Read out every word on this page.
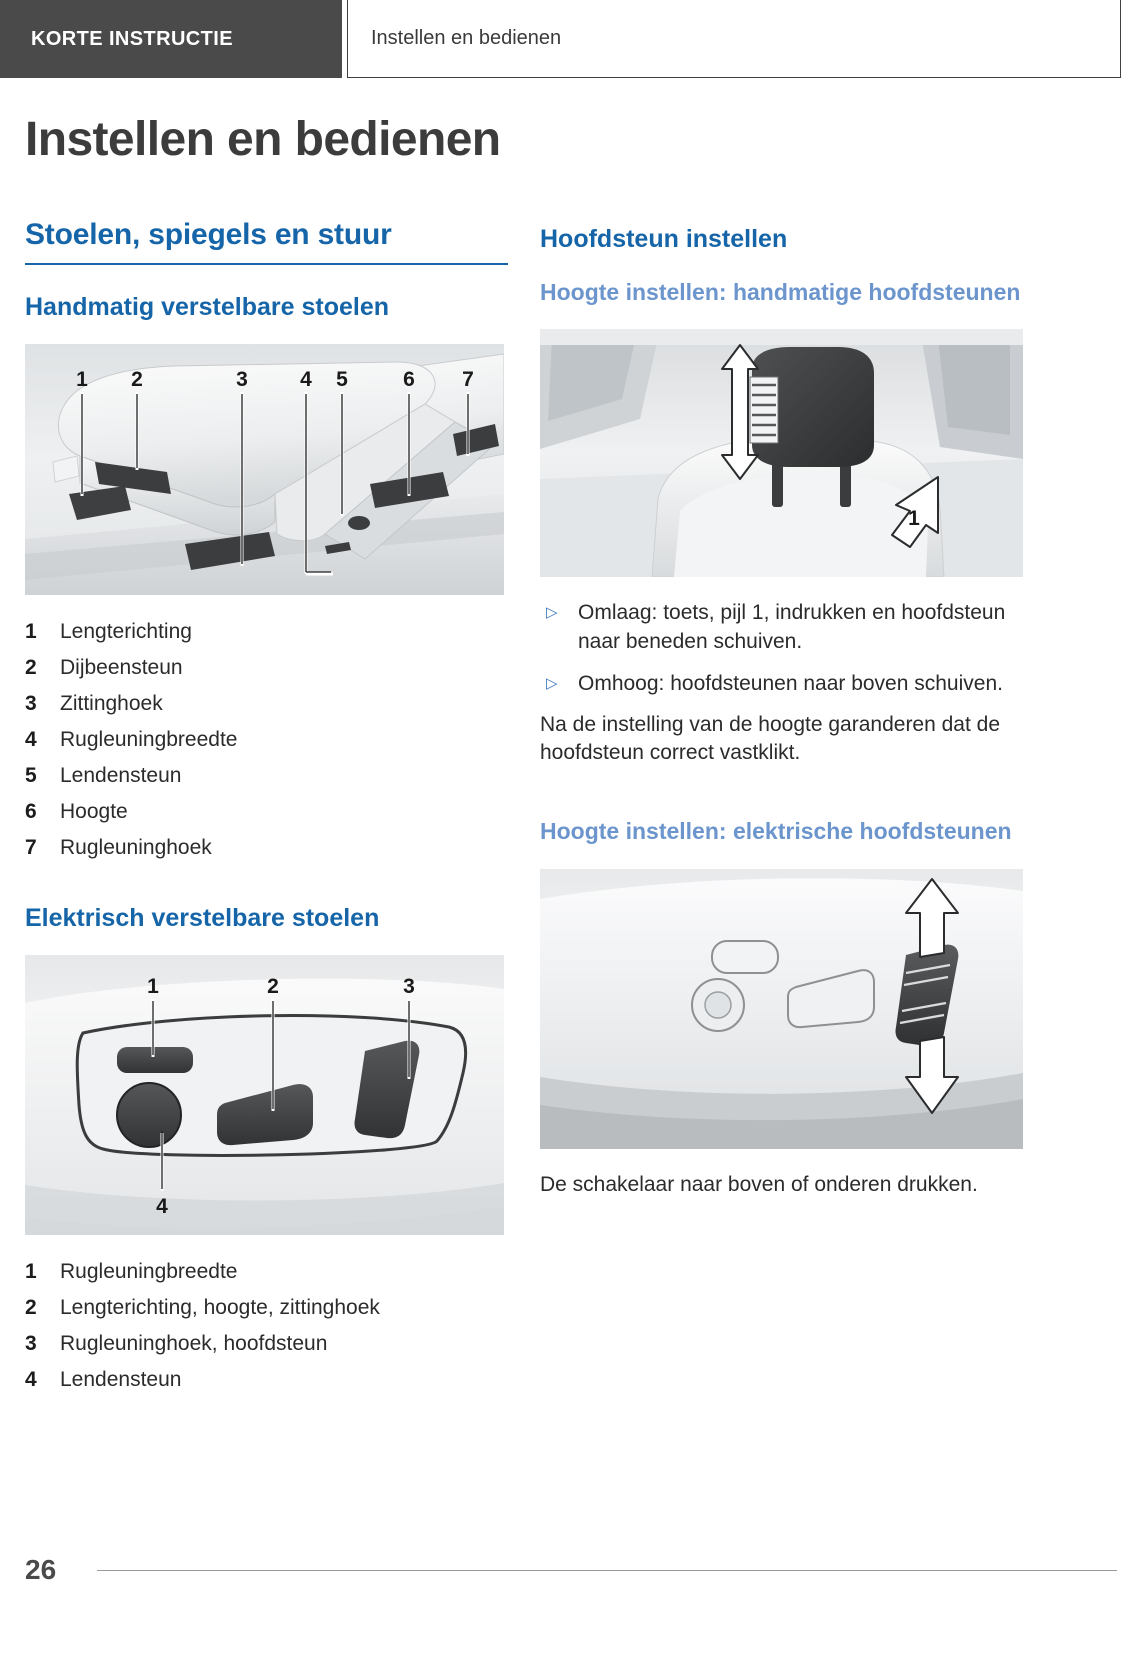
KORTE INSTRUCTIE	Instellen en bedienen
Instellen en bedienen
Stoelen, spiegels en stuur
Handmatig verstelbare stoelen
1 2	3 4 5	6 7
1	Lengterichting
2	Dijbeensteun
3	Zittinghoek
4	Rugleuningbreedte
5	Lendensteun
6	Hoogte
7	Rugleuninghoek
Elektrisch verstelbare stoelen
1	2	3
4
1	Rugleuningbreedte
2	Lengterichting, hoogte, zittinghoek
3	Rugleuninghoek, hoofdsteun
4	Lendensteun
Hoofdsteun instellen
Hoogte instellen: handmatige hoofdsteunen
1
▷ Omlaag: toets, pijl 1, indrukken en hoofdsteun naar beneden schuiven.
▷ Omhoog: hoofdsteunen naar boven schuiven.

Na de instelling van de hoogte garanderen dat de hoofdsteun correct vastklikt.

Hoogte instellen: elektrische hoofdsteunen

De schakelaar naar boven of onderen drukken.

26
